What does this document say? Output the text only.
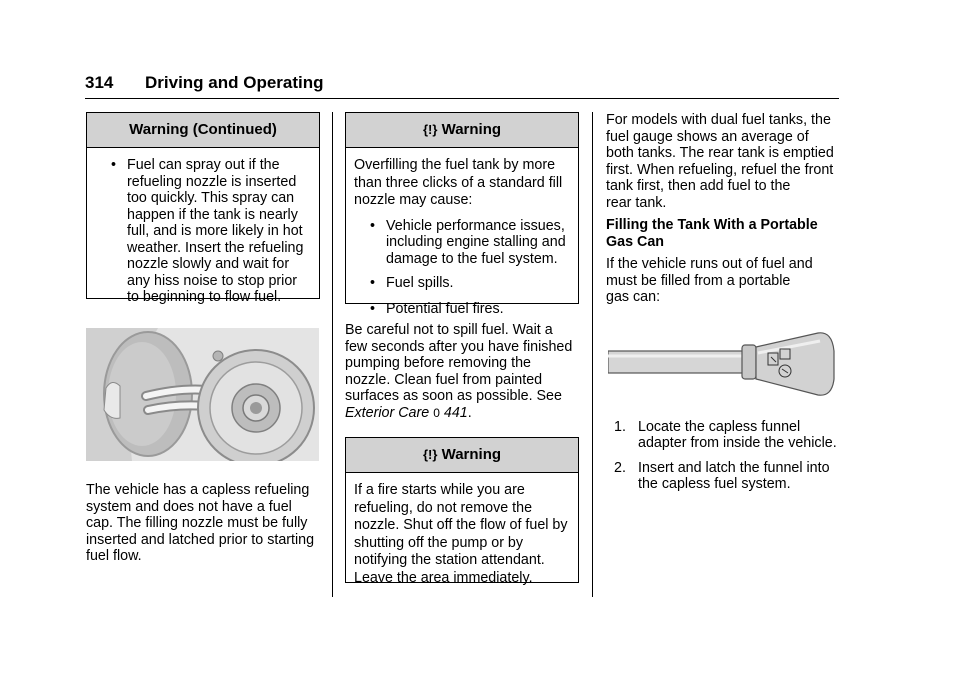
314 Driving and Operating
Warning (Continued)
• Fuel can spray out if the
refueling nozzle is inserted
too quickly. This spray can
happen if the tank is nearly
full, and is more likely in hot
weather. Insert the refueling
nozzle slowly and wait for
any hiss noise to stop prior
to beginning to flow fuel.

The vehicle has a capless refueling
system and does not have a fuel
cap. The filling nozzle must be fully
inserted and latched prior to starting
fuel flow.

{!} Warning
Overfilling the fuel tank by more
than three clicks of a standard fill
nozzle may cause:
• Vehicle performance issues,
including engine stalling and
damage to the fuel system.
• Fuel spills.
• Potential fuel fires.

Be careful not to spill fuel. Wait a
few seconds after you have finished
pumping before removing the
nozzle. Clean fuel from painted
surfaces as soon as possible. See
Exterior Care 0 441.

{!} Warning
If a fire starts while you are
refueling, do not remove the
nozzle. Shut off the flow of fuel by
shutting off the pump or by
notifying the station attendant.
Leave the area immediately.

For models with dual fuel tanks, the
fuel gauge shows an average of
both tanks. The rear tank is emptied
first. When refueling, refuel the front
tank first, then add fuel to the
rear tank.

Filling the Tank With a Portable
Gas Can

If the vehicle runs out of fuel and
must be filled from a portable
gas can:

1. Locate the capless funnel
adapter from inside the vehicle.
2. Insert and latch the funnel into
the capless fuel system.
